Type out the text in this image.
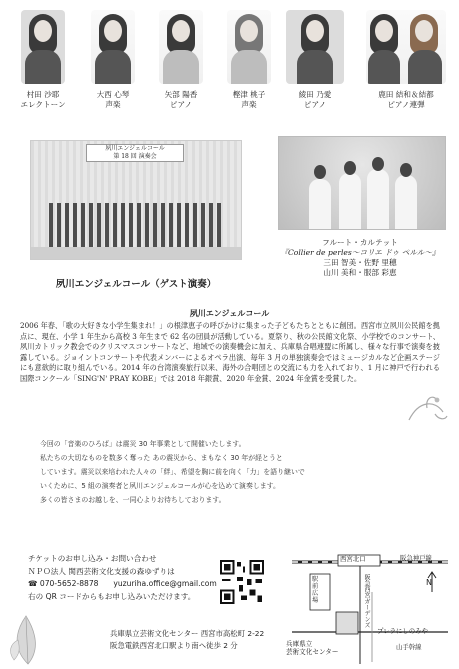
村田 沙耶
エレクトーン
大西 心琴
声楽
矢部 陽香
ピアノ
樫津 桃子
声楽
綾田 乃愛
ピアノ
鹿田 結和＆結都
ピアノ連弾
夙川エンジェルコール
第 18 回 演奏会
夙川エンジェルコール（ゲスト演奏）
フルート・カルテット
『Collier de perles～コリエ ドゥ ペルル～』
三田 智美・佐野 里穂
山川 美和・服部 彩恵
夙川エンジェルコール
2006 年春、「歌の大好きな小学生集まれ！」の根津恵子の呼びかけに集まった子どもたちとともに創団。西宮市立夙川公民館を拠点に、現在、小学 1 年生から高校 3 年生まで 62 名の団員が活動している。夏祭り、秋の公民館文化祭、小学校でのコンサート、夙川カトリック教会でのクリスマスコンサートなど、地域での演奏機会に加え、兵庫県合唱連盟に所属し、様々な行事で演奏を披露している。ジョイントコンサートや代表メンバーによるオペラ出演、毎年 3 月の単独演奏会ではミュージカルなど企画ステージにも意欲的に取り組んでいる。2014 年の台湾演奏旅行以来、海外の合唱団との交流にも力を入れており、1 月に神戸で行われる国際コンクール「SING'N' PRAY KOBE」では 2018 年銀賞、2020 年金賞、2024 年金賞を受賞した。
今回の「音楽のひろば」は震災 30 年事業として開催いたします。
私たちの大切なものを数多く奪った あの震災から、まもなく 30 年が経とうと
しています。震災以来培われた人々の「絆」、希望を胸に前を向く「力」を語り継いで
いくために、5 組の演奏者と夙川エンジェルコールが心を込めて演奏します。
多くの皆さまのお越しを、一同心よりお待ちしております。
チケットのお申し込み・お問い合わせ
ＮＰＯ法人 関西芸術文化支援の森ゆずりは
☎ 070-5652-8878 yuzuriha.office@gmail.com
右の QR コードからもお申し込みいただけます。
西宮北口	阪急神戸線
駅前広場	阪急西宮ガーデンズ
プレラにしのみや
山手幹線
兵庫県立
芸術文化センター
N
兵庫県立芸術文化センター 西宮市高松町 2-22
阪急電鉄西宮北口駅より南へ徒歩 2 分
